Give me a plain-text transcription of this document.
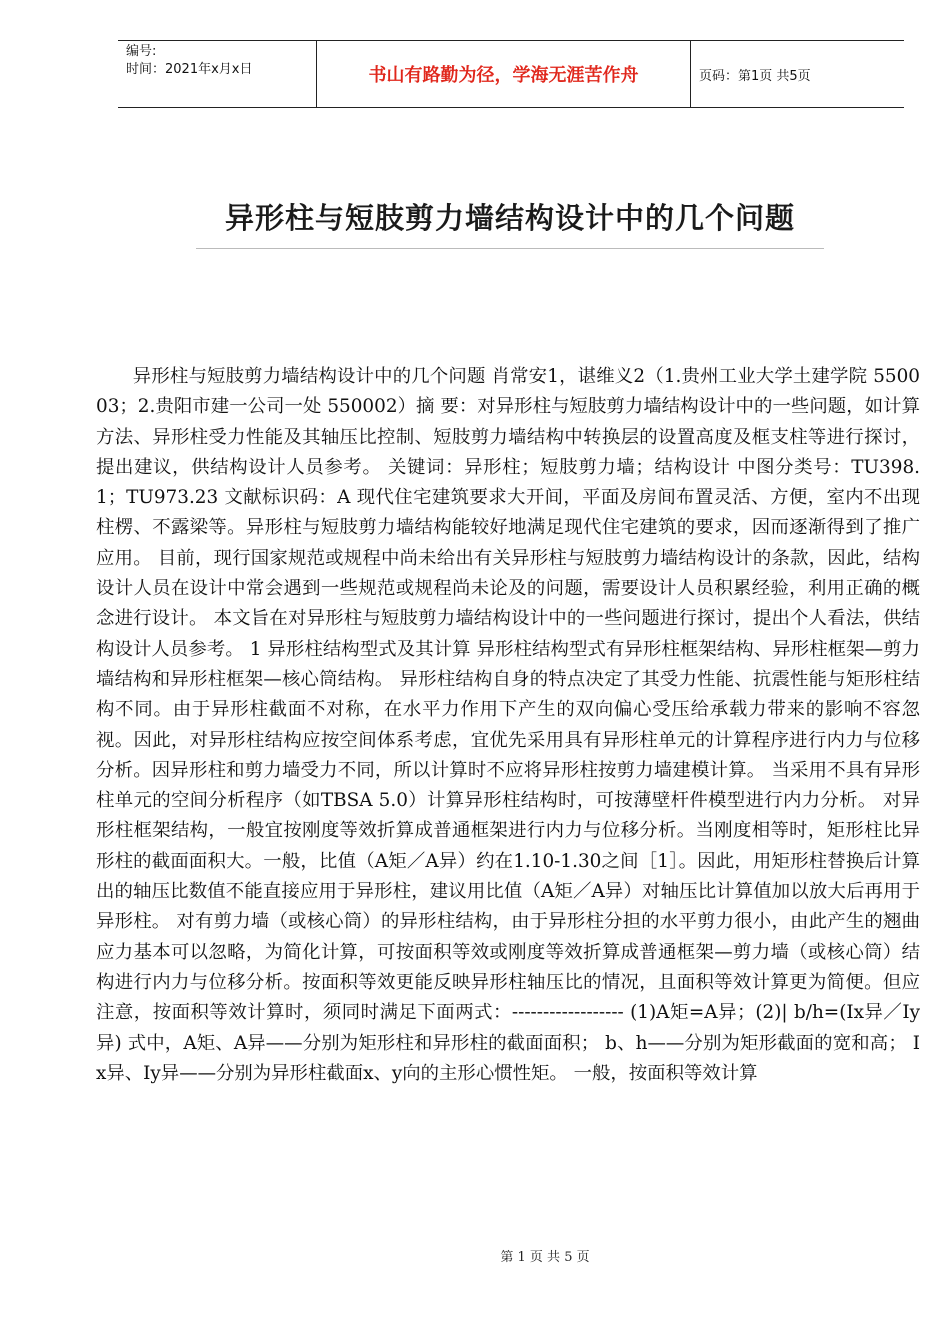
编号:
时间：2021年x月x日	书山有路勤为径，学海无涯苦作舟	页码：第1页 共5页
异形柱与短肢剪力墙结构设计中的几个问题

异形柱与短肢剪力墙结构设计中的几个问题 肖常安1，谌维义2（1.贵州工业大学土建学院 550003；2.贵阳市建一公司一处 550002）摘 要：对异形柱与短肢剪力墙结构设计中的一些问题，如计算方法、异形柱受力性能及其轴压比控制、短肢剪力墙结构中转换层的设置高度及框支柱等进行探讨，提出建议，供结构设计人员参考。 关键词：异形柱；短肢剪力墙；结构设计 中图分类号：TU398.1；TU973.23 文献标识码：A 现代住宅建筑要求大开间，平面及房间布置灵活、方便，室内不出现柱楞、不露梁等。异形柱与短肢剪力墙结构能较好地满足现代住宅建筑的要求，因而逐渐得到了推广应用。 目前，现行国家规范或规程中尚未给出有关异形柱与短肢剪力墙结构设计的条款，因此，结构设计人员在设计中常会遇到一些规范或规程尚未论及的问题，需要设计人员积累经验，利用正确的概念进行设计。 本文旨在对异形柱与短肢剪力墙结构设计中的一些问题进行探讨，提出个人看法，供结构设计人员参考。 1 异形柱结构型式及其计算 异形柱结构型式有异形柱框架结构、异形柱框架—剪力墙结构和异形柱框架—核心筒结构。 异形柱结构自身的特点决定了其受力性能、抗震性能与矩形柱结构不同。由于异形柱截面不对称，在水平力作用下产生的双向偏心受压给承载力带来的影响不容忽视。因此，对异形柱结构应按空间体系考虑，宜优先采用具有异形柱单元的计算程序进行内力与位移分析。因异形柱和剪力墙受力不同，所以计算时不应将异形柱按剪力墙建模计算。 当采用不具有异形柱单元的空间分析程序（如TBSA 5.0）计算异形柱结构时，可按薄壁杆件模型进行内力分析。 对异形柱框架结构，一般宜按刚度等效折算成普通框架进行内力与位移分析。当刚度相等时，矩形柱比异形柱的截面面积大。一般，比值（A矩／A异）约在1.10-1.30之间［1］。因此，用矩形柱替换后计算出的轴压比数值不能直接应用于异形柱，建议用比值（A矩／A异）对轴压比计算值加以放大后再用于异形柱。 对有剪力墙（或核心筒）的异形柱结构，由于异形柱分担的水平剪力很小，由此产生的翘曲应力基本可以忽略，为简化计算，可按面积等效或刚度等效折算成普通框架—剪力墙（或核心筒）结构进行内力与位移分析。按面积等效更能反映异形柱轴压比的情况，且面积等效计算更为简便。但应注意，按面积等效计算时，须同时满足下面两式：------------------ (1)A矩=A异；(2)| b/h=(Ix异／Iy异) 式中，A矩、A异——分别为矩形柱和异形柱的截面面积； b、h——分别为矩形截面的宽和高； Ix异、Iy异——分别为异形柱截面x、y向的主形心惯性矩。 一般，按面积等效计算

第 1 页 共 5 页
